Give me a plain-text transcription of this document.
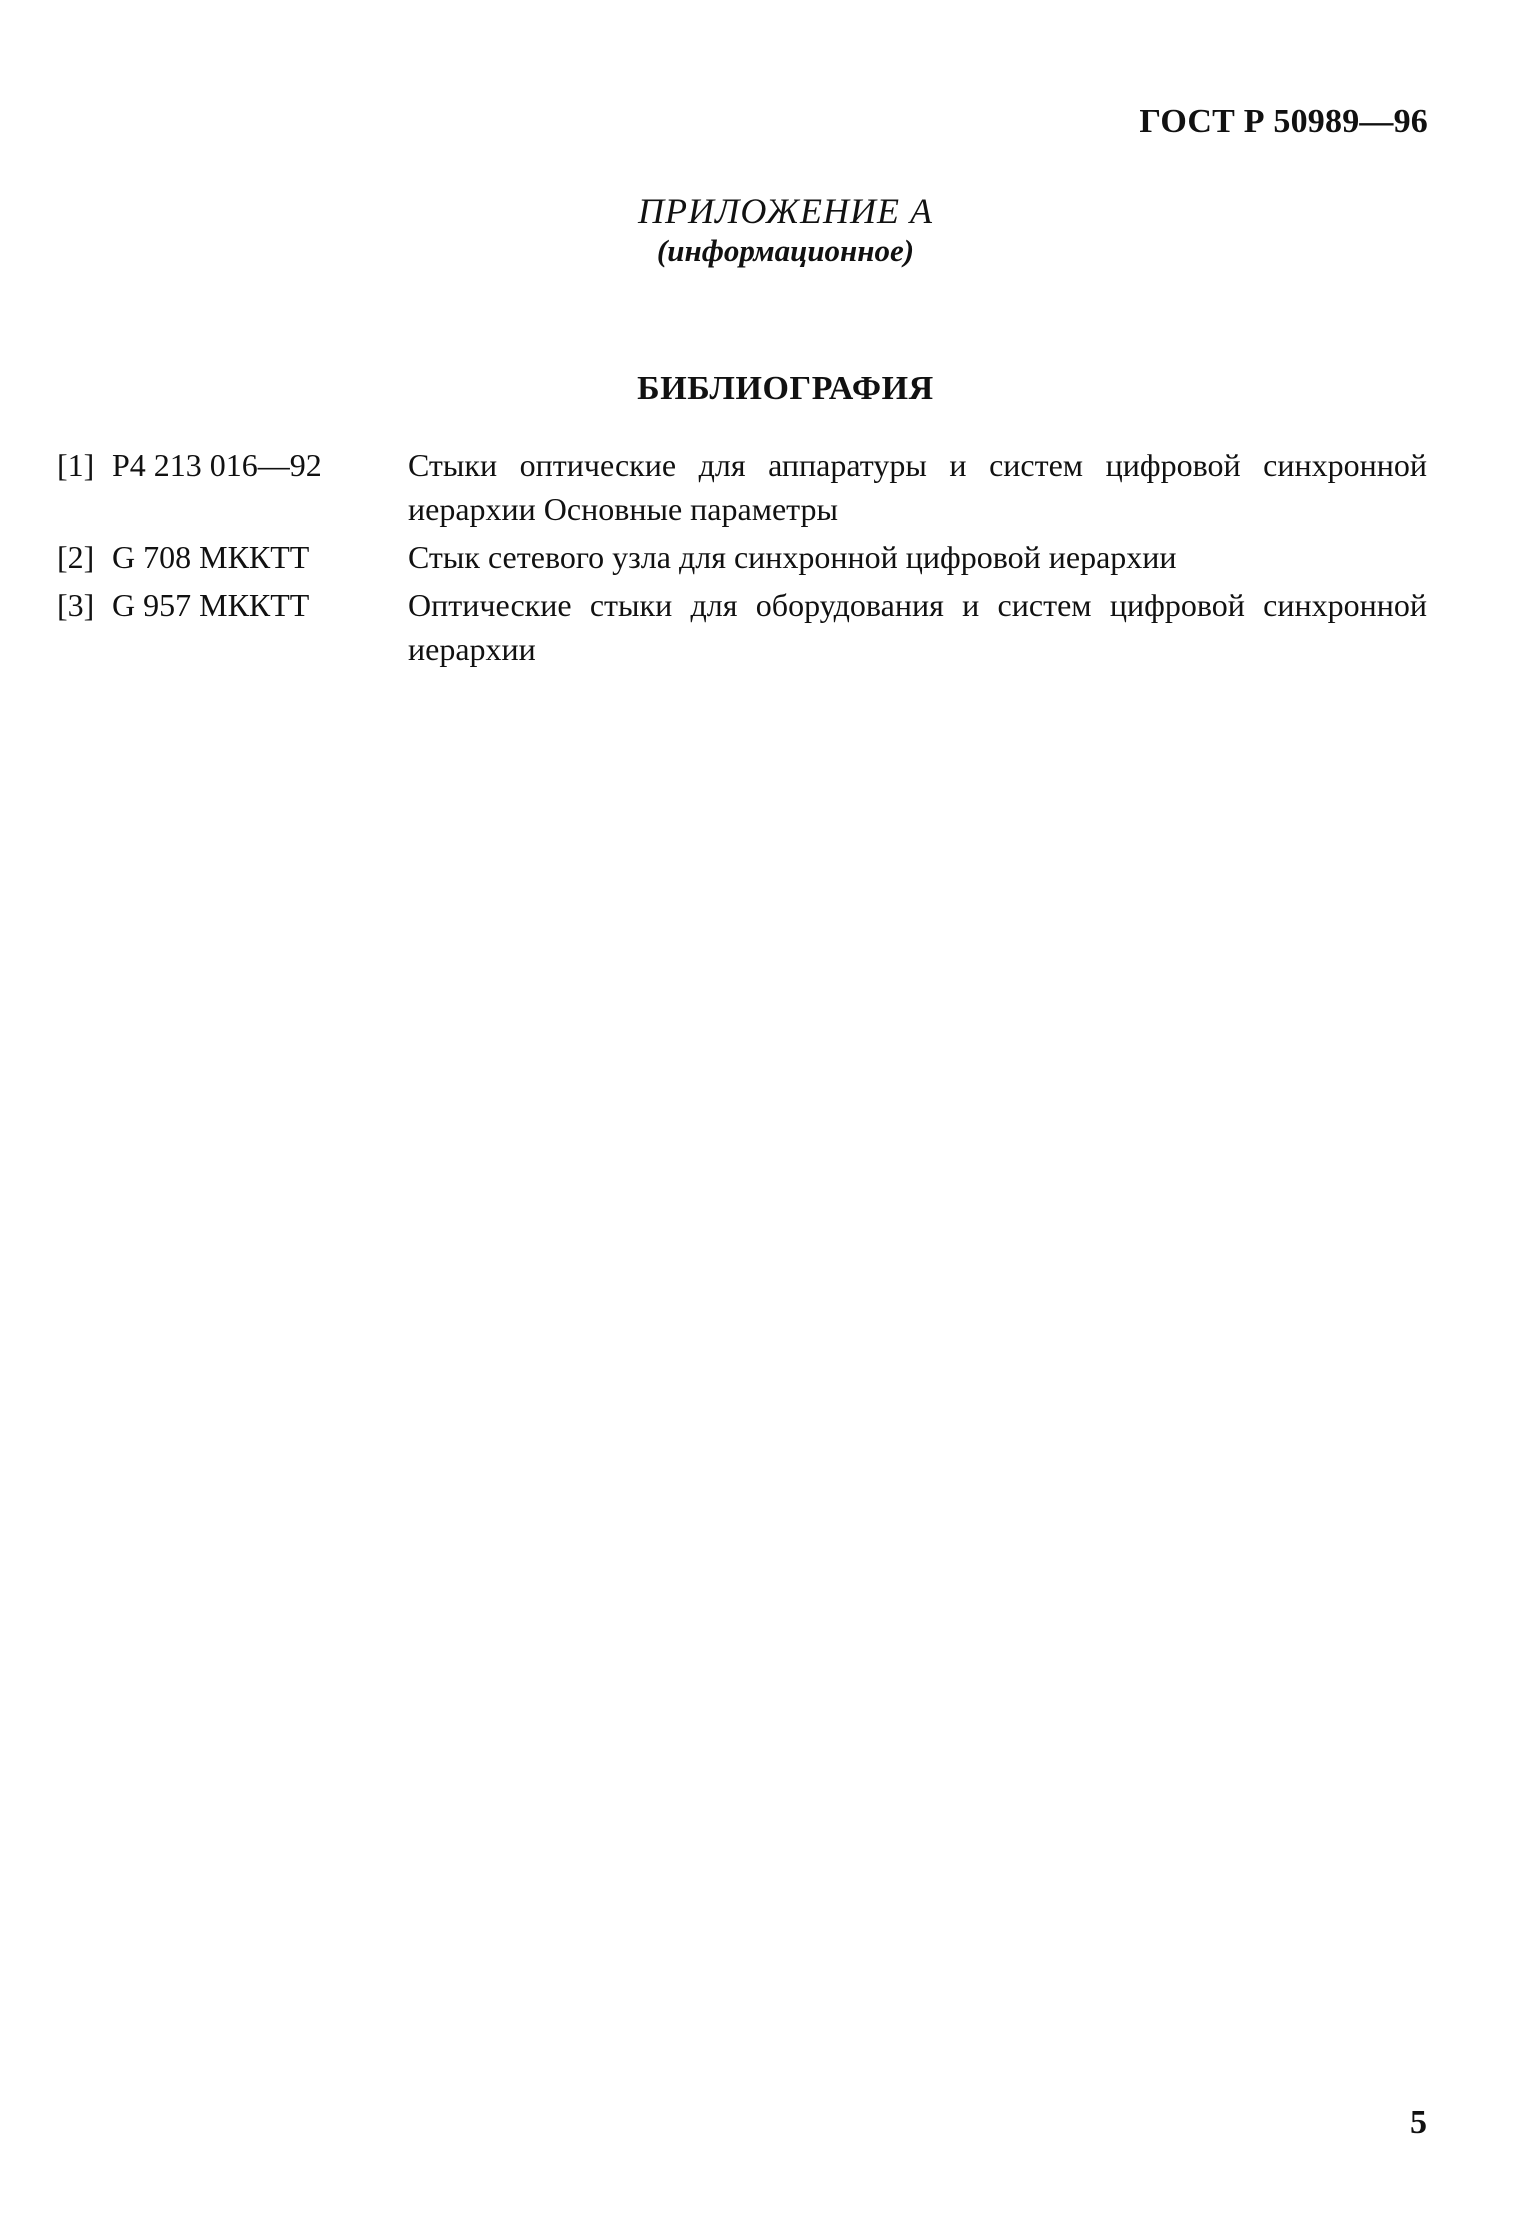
ГОСТ Р 50989—96
ПРИЛОЖЕНИЕ А
(информационное)
БИБЛИОГРАФИЯ
[1] Р4 213 016—92	Стыки оптические для аппаратуры и систем цифровой синхронной иерархии Основные параметры
[2] G 708 МККТТ	Стык сетевого узла для синхронной цифровой иерархии
[3] G 957 МККТТ	Оптические стыки для оборудования и систем цифровой синхронной иерархии
5
